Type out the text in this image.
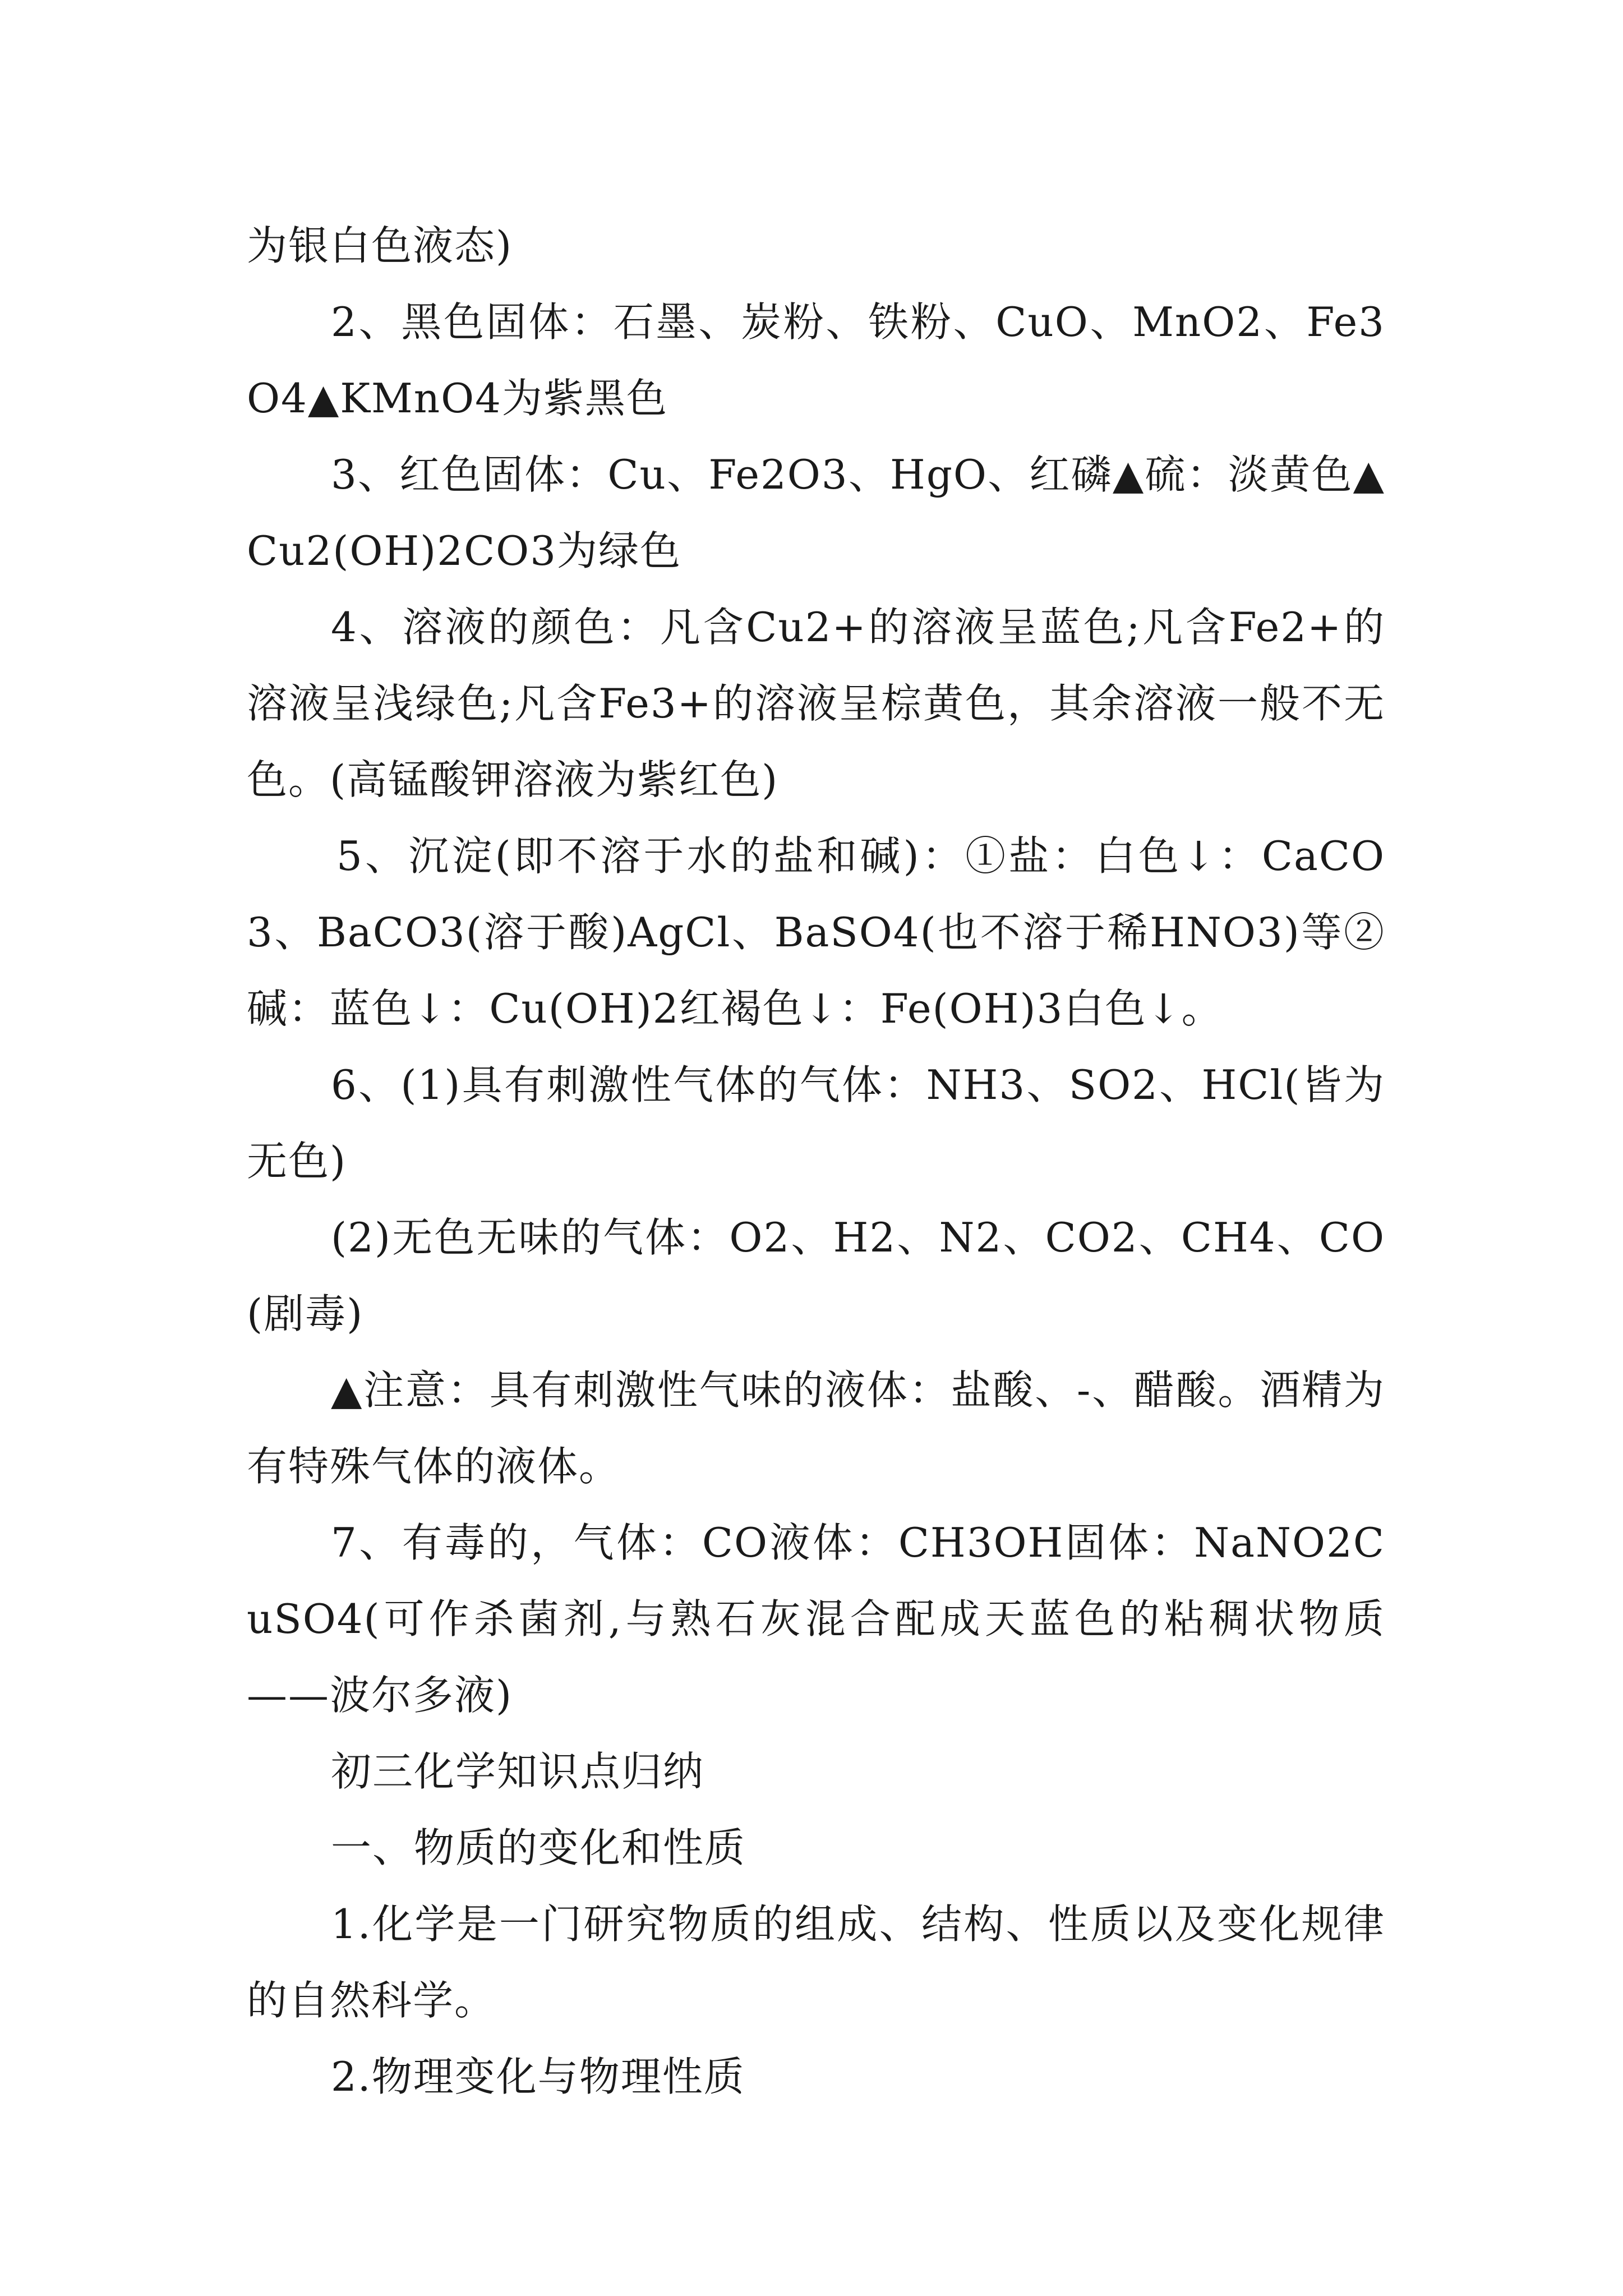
为银白色液态)

2、黑色固体：石墨、炭粉、铁粉、CuO、MnO2、Fe3O4▲KMnO4为紫黑色

3、红色固体：Cu、Fe2O3、HgO、红磷▲硫：淡黄色▲Cu2(OH)2CO3为绿色

4、溶液的颜色：凡含Cu2+的溶液呈蓝色;凡含Fe2+的溶液呈浅绿色;凡含Fe3+的溶液呈棕黄色，其余溶液一般不无色。(高锰酸钾溶液为紫红色)

5、沉淀(即不溶于水的盐和碱)：①盐：白色↓：CaCO3、BaCO3(溶于酸)AgCl、BaSO4(也不溶于稀HNO3)等②碱：蓝色↓：Cu(OH)2红褐色↓：Fe(OH)3白色↓。

6、(1)具有刺激性气体的气体：NH3、SO2、HCl(皆为无色)

(2)无色无味的气体：O2、H2、N2、CO2、CH4、CO(剧毒)

▲注意：具有刺激性气味的液体：盐酸、-、醋酸。酒精为有特殊气体的液体。

7、有毒的，气体：CO液体：CH3OH固体：NaNO2CuSO4(可作杀菌剂,与熟石灰混合配成天蓝色的粘稠状物质——波尔多液)

初三化学知识点归纳

一、物质的变化和性质

1.化学是一门研究物质的组成、结构、性质以及变化规律的自然科学。

2.物理变化与物理性质
